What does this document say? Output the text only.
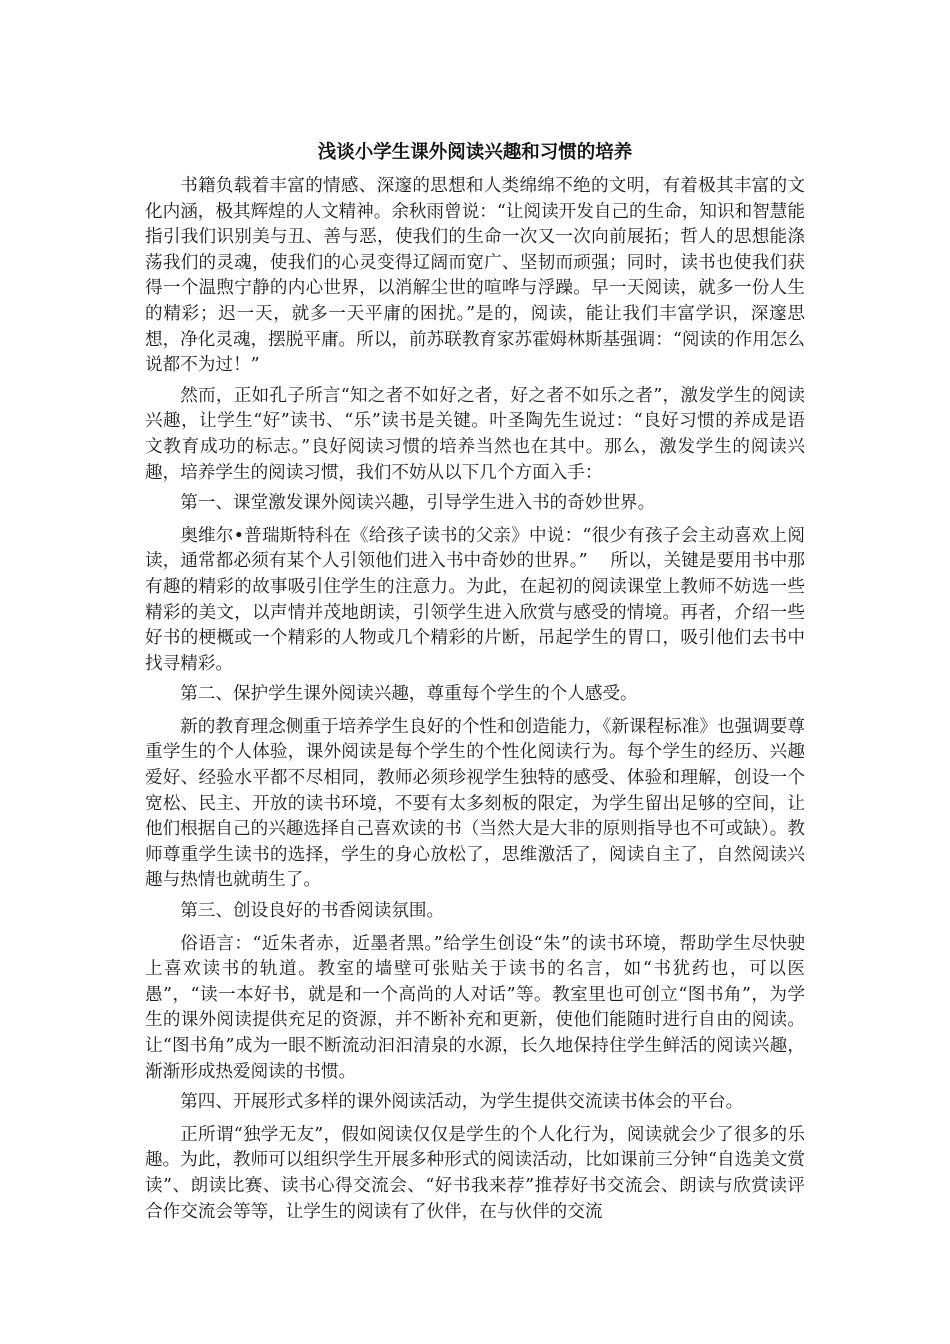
浅谈小学生课外阅读兴趣和习惯的培养

书籍负载着丰富的情感、深邃的思想和人类绵绵不绝的文明，有着极其丰富的文化内涵，极其辉煌的人文精神。余秋雨曾说：“让阅读开发自己的生命，知识和智慧能指引我们识别美与丑、善与恶，使我们的生命一次又一次向前展拓；哲人的思想能涤荡我们的灵魂，使我们的心灵变得辽阔而宽广、坚韧而顽强；同时，读书也使我们获得一个温煦宁静的内心世界，以消解尘世的喧哗与浮躁。早一天阅读，就多一份人生的精彩；迟一天，就多一天平庸的困扰。”是的，阅读，能让我们丰富学识，深邃思想，净化灵魂，摆脱平庸。所以，前苏联教育家苏霍姆林斯基强调：“阅读的作用怎么说都不为过！”

然而，正如孔子所言“知之者不如好之者，好之者不如乐之者”，激发学生的阅读兴趣，让学生“好”读书、“乐”读书是关键。叶圣陶先生说过：“良好习惯的养成是语文教育成功的标志。”良好阅读习惯的培养当然也在其中。那么，激发学生的阅读兴趣，培养学生的阅读习惯，我们不妨从以下几个方面入手：

第一、课堂激发课外阅读兴趣，引导学生进入书的奇妙世界。

奥维尔•普瑞斯特科在《给孩子读书的父亲》中说：“很少有孩子会主动喜欢上阅读，通常都必须有某个人引领他们进入书中奇妙的世界。”    所以，关键是要用书中那有趣的精彩的故事吸引住学生的注意力。为此，在起初的阅读课堂上教师不妨选一些精彩的美文，以声情并茂地朗读，引领学生进入欣赏与感受的情境。再者，介绍一些好书的梗概或一个精彩的人物或几个精彩的片断，吊起学生的胃口，吸引他们去书中找寻精彩。

第二、保护学生课外阅读兴趣，尊重每个学生的个人感受。

新的教育理念侧重于培养学生良好的个性和创造能力，《新课程标准》也强调要尊重学生的个人体验，课外阅读是每个学生的个性化阅读行为。每个学生的经历、兴趣爱好、经验水平都不尽相同，教师必须珍视学生独特的感受、体验和理解，创设一个宽松、民主、开放的读书环境，不要有太多刻板的限定，为学生留出足够的空间，让他们根据自己的兴趣选择自己喜欢读的书（当然大是大非的原则指导也不可或缺）。教师尊重学生读书的选择，学生的身心放松了，思维激活了，阅读自主了，自然阅读兴趣与热情也就萌生了。

第三、创设良好的书香阅读氛围。

俗语言：“近朱者赤，近墨者黑。”给学生创设“朱”的读书环境，帮助学生尽快驶上喜欢读书的轨道。教室的墙壁可张贴关于读书的名言，如“书犹药也，可以医愚”，“读一本好书，就是和一个高尚的人对话”等。教室里也可创立“图书角”，为学生的课外阅读提供充足的资源，并不断补充和更新，使他们能随时进行自由的阅读。让“图书角”成为一眼不断流动汩汩清泉的水源，长久地保持住学生鲜活的阅读兴趣，渐渐形成热爱阅读的书惯。

第四、开展形式多样的课外阅读活动，为学生提供交流读书体会的平台。

正所谓“独学无友”，假如阅读仅仅是学生的个人化行为，阅读就会少了很多的乐趣。为此，教师可以组织学生开展多种形式的阅读活动，比如课前三分钟“自选美文赏读”、朗读比赛、读书心得交流会、“好书我来荐”推荐好书交流会、朗读与欣赏读评合作交流会等等，让学生的阅读有了伙伴，在与伙伴的交流
